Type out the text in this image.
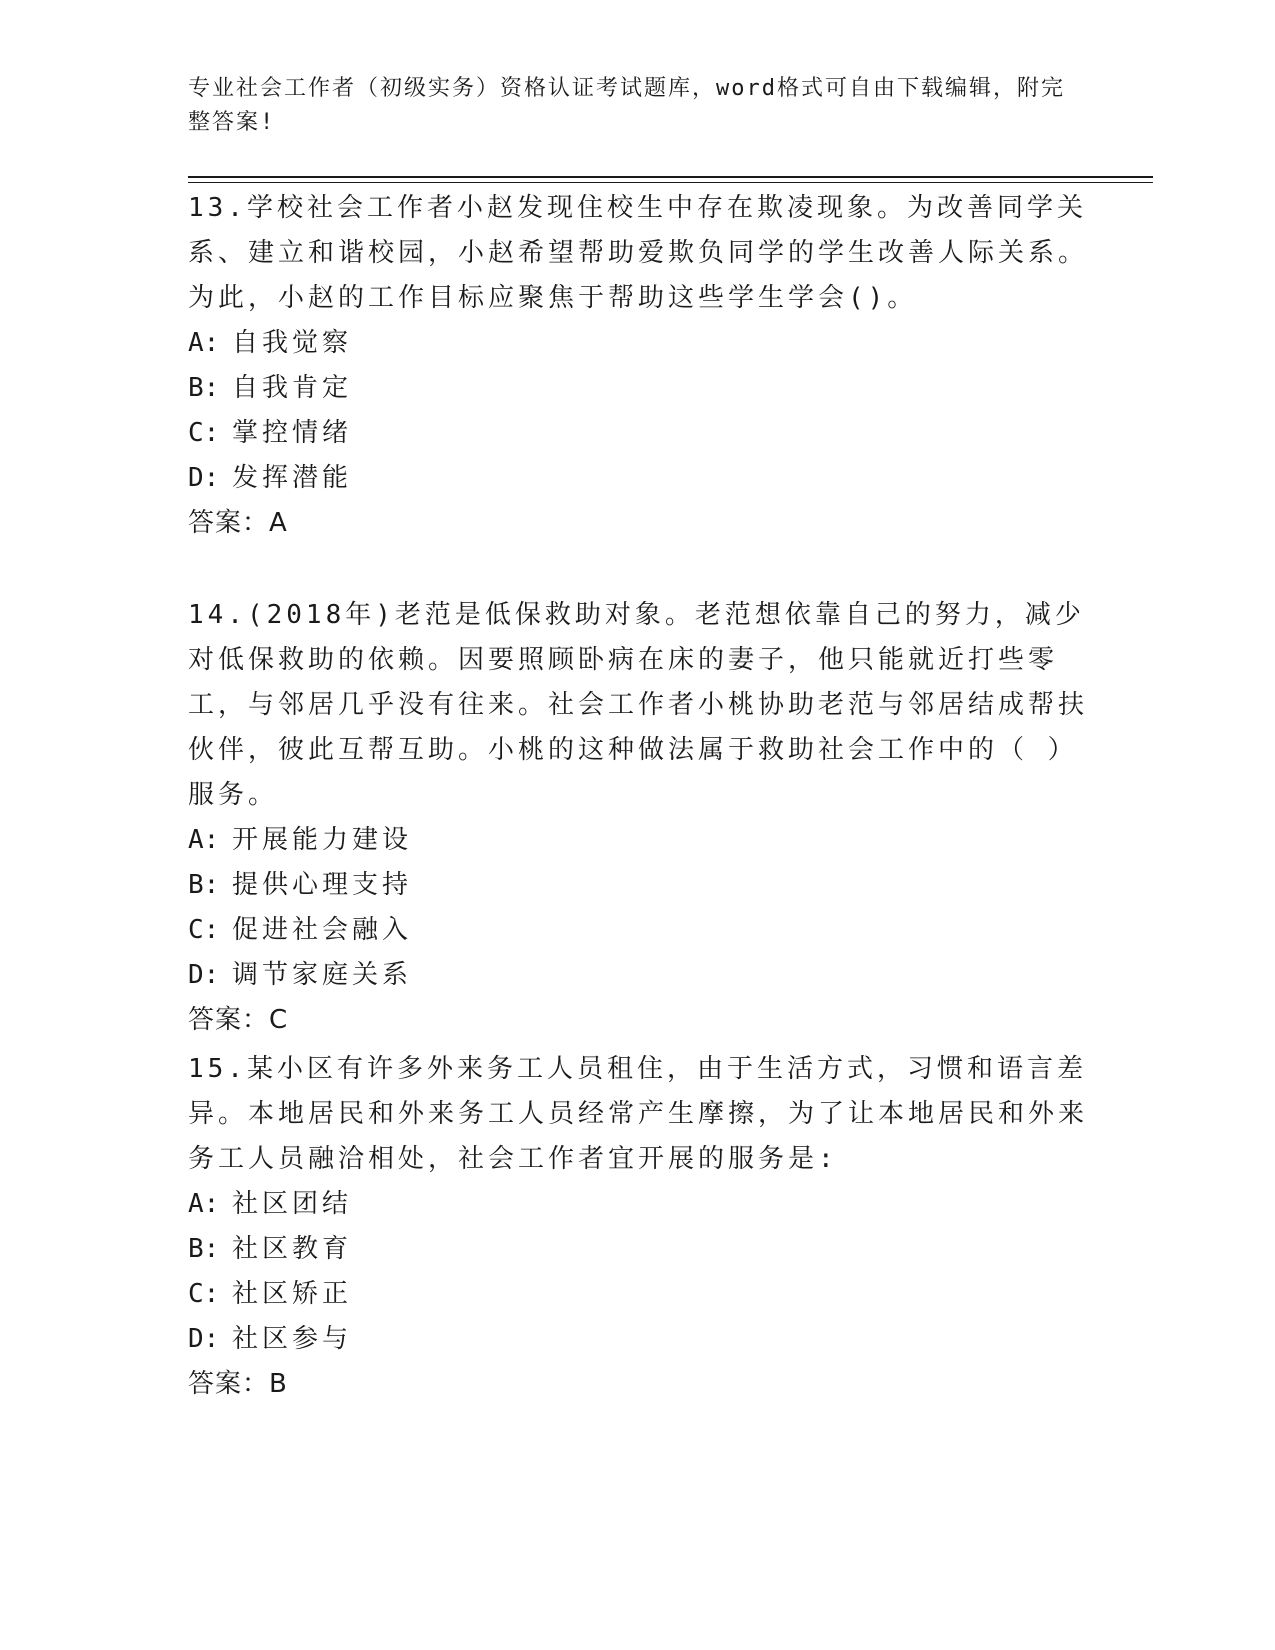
专业社会工作者（初级实务）资格认证考试题库，word格式可自由下载编辑，附完整答案!

13.学校社会工作者小赵发现住校生中存在欺凌现象。为改善同学关系、建立和谐校园，小赵希望帮助爱欺负同学的学生改善人际关系。为此，小赵的工作目标应聚焦于帮助这些学生学会()。

A: 自我觉察

B: 自我肯定

C: 掌控情绪

D: 发挥潜能

答案：A

14.(2018年)老范是低保救助对象。老范想依靠自己的努力，减少对低保救助的依赖。因要照顾卧病在床的妻子，他只能就近打些零工，与邻居几乎没有往来。社会工作者小桃协助老范与邻居结成帮扶伙伴，彼此互帮互助。小桃的这种做法属于救助社会工作中的（ ）服务。

A: 开展能力建设

B: 提供心理支持

C: 促进社会融入

D: 调节家庭关系

答案：C

15.某小区有许多外来务工人员租住，由于生活方式，习惯和语言差异。本地居民和外来务工人员经常产生摩擦，为了让本地居民和外来务工人员融洽相处，社会工作者宜开展的服务是:

A: 社区团结

B: 社区教育

C: 社区矫正

D: 社区参与

答案：B
